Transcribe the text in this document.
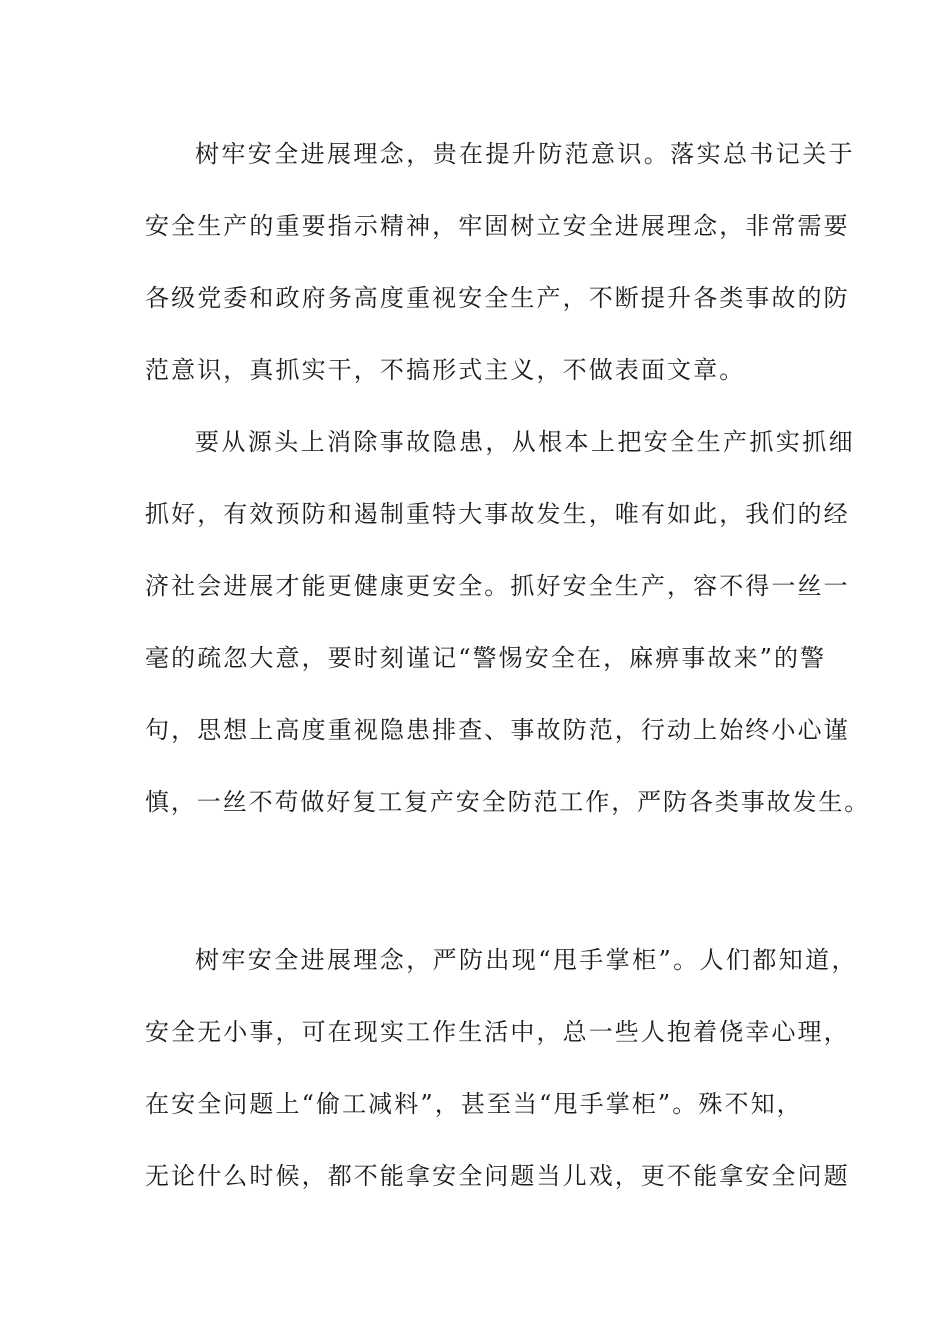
树牢安全进展理念，贵在提升防范意识。落实总书记关于
安全生产的重要指示精神，牢固树立安全进展理念，非常需要
各级党委和政府务高度重视安全生产，不断提升各类事故的防
范意识，真抓实干，不搞形式主义，不做表面文章。
要从源头上消除事故隐患，从根本上把安全生产抓实抓细
抓好，有效预防和遏制重特大事故发生，唯有如此，我们的经
济社会进展才能更健康更安全。抓好安全生产，容不得一丝一
毫的疏忽大意，要时刻谨记“警惕安全在，麻痹事故来”的警
句，思想上高度重视隐患排查、事故防范，行动上始终小心谨
慎，一丝不苟做好复工复产安全防范工作，严防各类事故发生。
树牢安全进展理念，严防出现“甩手掌柜”。人们都知道，
安全无小事，可在现实工作生活中，总一些人抱着侥幸心理，
在安全问题上“偷工减料”，甚至当“甩手掌柜”。殊不知，
无论什么时候，都不能拿安全问题当儿戏，更不能拿安全问题
